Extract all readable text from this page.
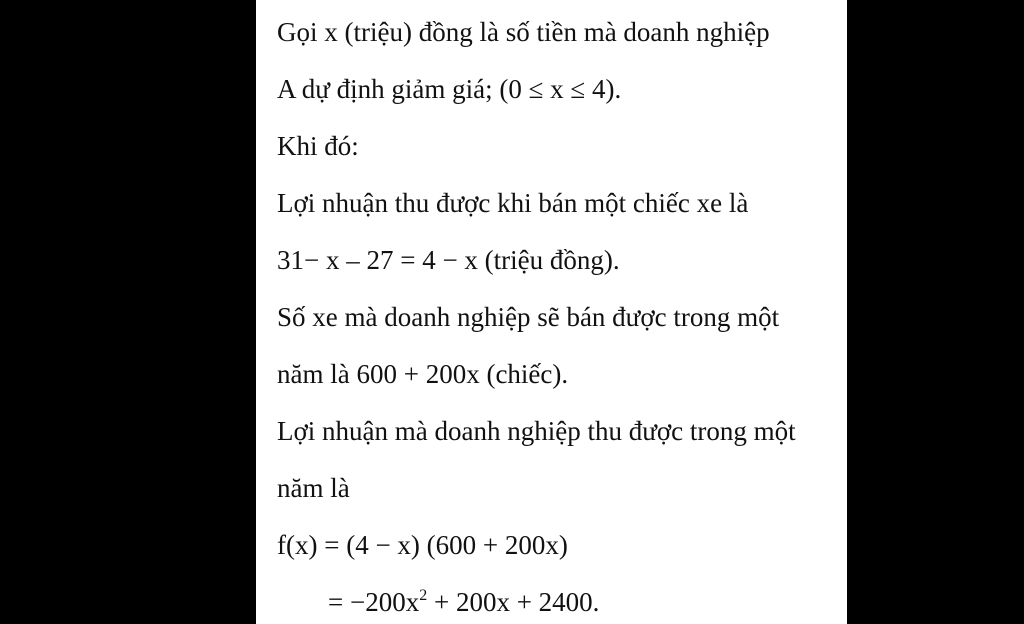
Gọi x (triệu) đồng là số tiền mà doanh nghiệp

A dự định giảm giá; (0 ≤ x ≤ 4).

Khi đó:

Lợi nhuận thu được khi bán một chiếc xe là

31− x – 27 = 4 − x (triệu đồng).

Số xe mà doanh nghiệp sẽ bán được trong một

năm là 600 + 200x (chiếc).

Lợi nhuận mà doanh nghiệp thu được trong một

năm là

f(x) = (4 − x) (600 + 200x)

= $-200x^2 + 200x + 2400$.
